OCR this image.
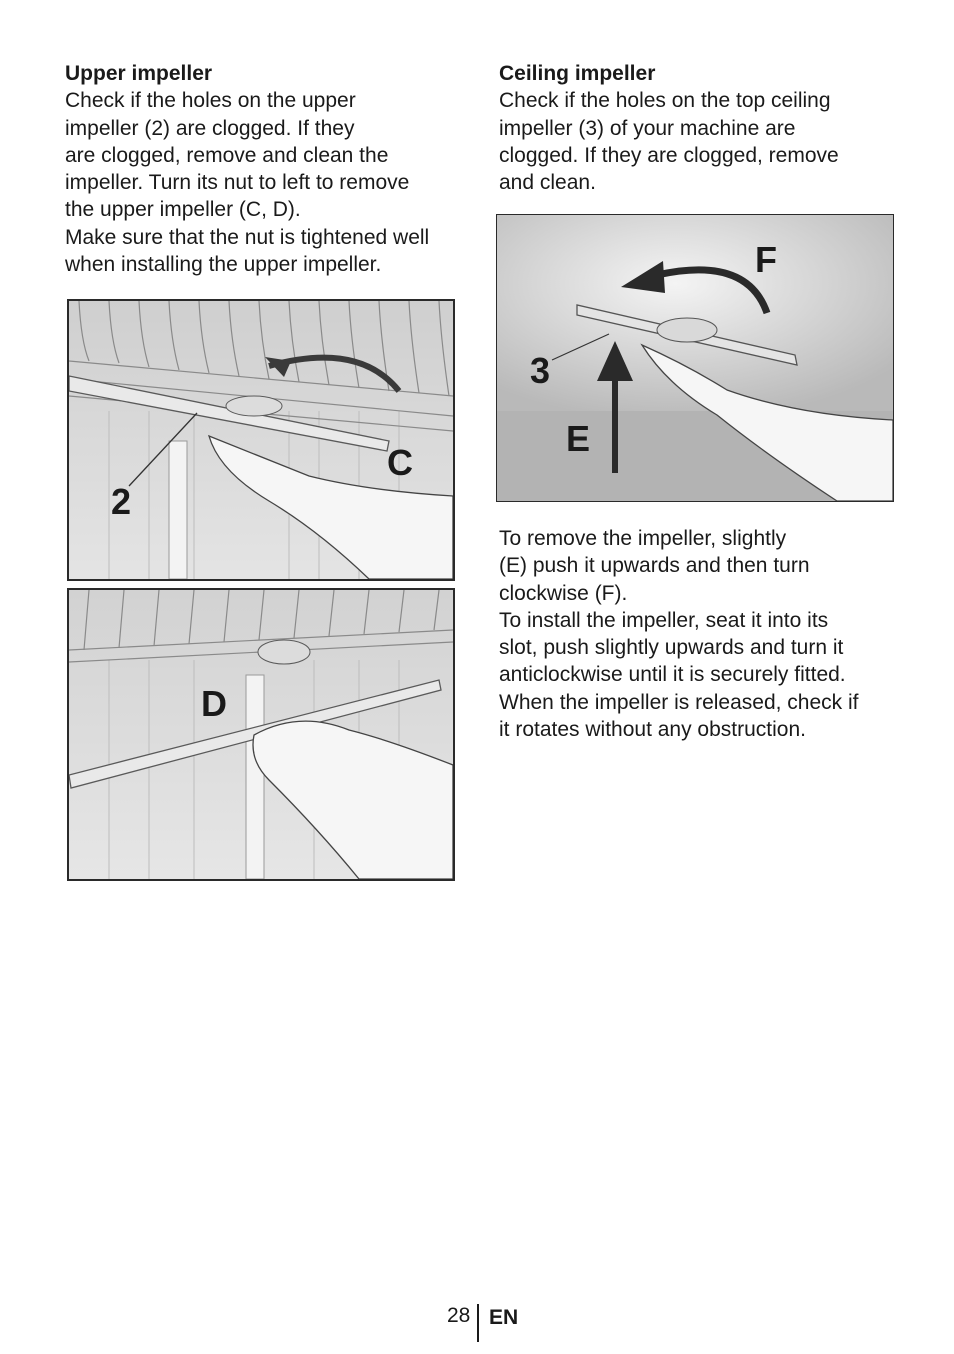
Upper impeller
Check if the holes on the upper
impeller (2) are clogged. If they
are clogged, remove and clean the
impeller. Turn its nut to left to remove
the upper impeller (C, D).
Make sure that the nut is tightened well
when installing the upper impeller.
Ceiling impeller
Check if the holes on the top ceiling
impeller (3) of your machine are
clogged. If they are clogged, remove
and clean.
2
C
D
3
E
F
To remove the impeller, slightly
(E) push it upwards and then turn
clockwise (F).
To install the impeller, seat it into its
slot, push slightly upwards and turn it
anticlockwise until it is securely fitted.
When the impeller is released, check if
it rotates without any obstruction.
28 EN
